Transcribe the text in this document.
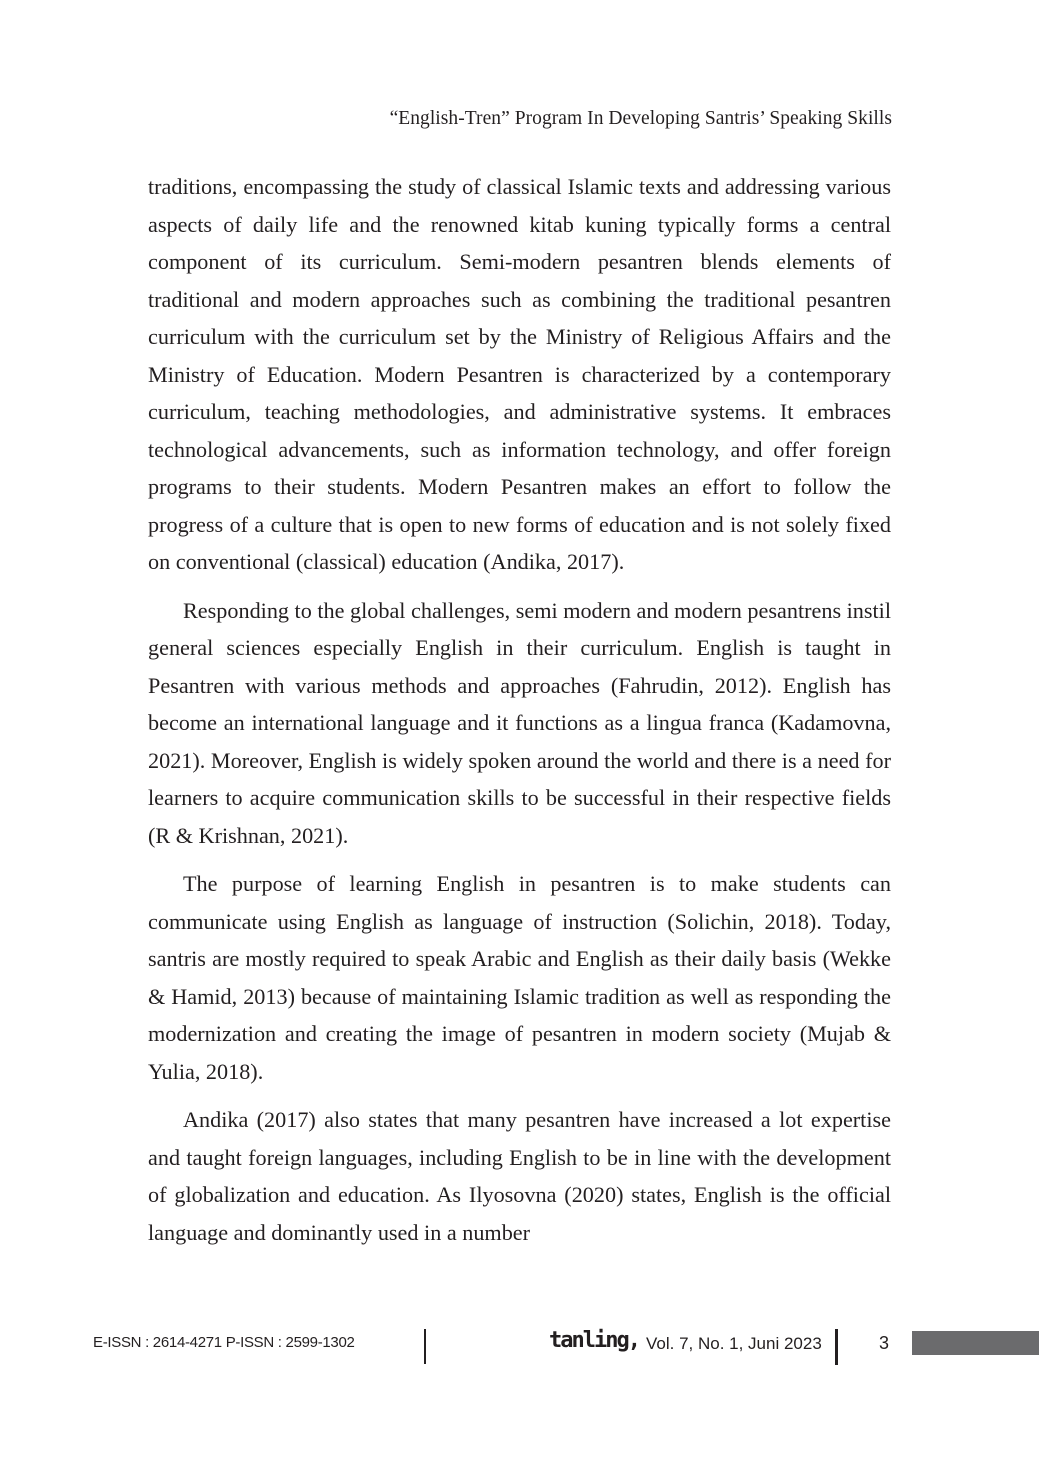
“English-Tren” Program In Developing Santris’ Speaking Skills

traditions, encompassing the study of classical Islamic texts and addressing various aspects of daily life and the renowned kitab kuning typically forms a central component of its curriculum. Semi-modern pesantren blends elements of traditional and modern approaches such as combining the traditional pesantren curriculum with the curriculum set by the Ministry of Religious Affairs and the Ministry of Education. Modern Pesantren is characterized by a contemporary curriculum, teaching methodologies, and administrative systems. It embraces technological advancements, such as information technology, and offer foreign programs to their students. Modern Pesantren makes an effort to follow the progress of a culture that is open to new forms of education and is not solely fixed on conventional (classical) education (Andika, 2017).

Responding to the global challenges, semi modern and modern pesantrens instil general sciences especially English in their curriculum. English is taught in Pesantren with various methods and approaches (Fahrudin, 2012). English has become an international language and it functions as a lingua franca (Kadamovna, 2021). Moreover, English is widely spoken around the world and there is a need for learners to acquire communication skills to be successful in their respective fields (R & Krishnan, 2021).

The purpose of learning English in pesantren is to make students can communicate using English as language of instruction (Solichin, 2018). Today, santris are mostly required to speak Arabic and English as their daily basis (Wekke & Hamid, 2013) because of maintaining Islamic tradition as well as responding the modernization and creating the image of pesantren in modern society (Mujab & Yulia, 2018).

Andika (2017) also states that many pesantren have increased a lot expertise and taught foreign languages, including English to be in line with the development of globalization and education. As Ilyosovna (2020) states, English is the official language and dominantly used in a number

E-ISSN : 2614-4271 P-ISSN : 2599-1302	tanling, Vol. 7, No. 1, Juni 2023	3
